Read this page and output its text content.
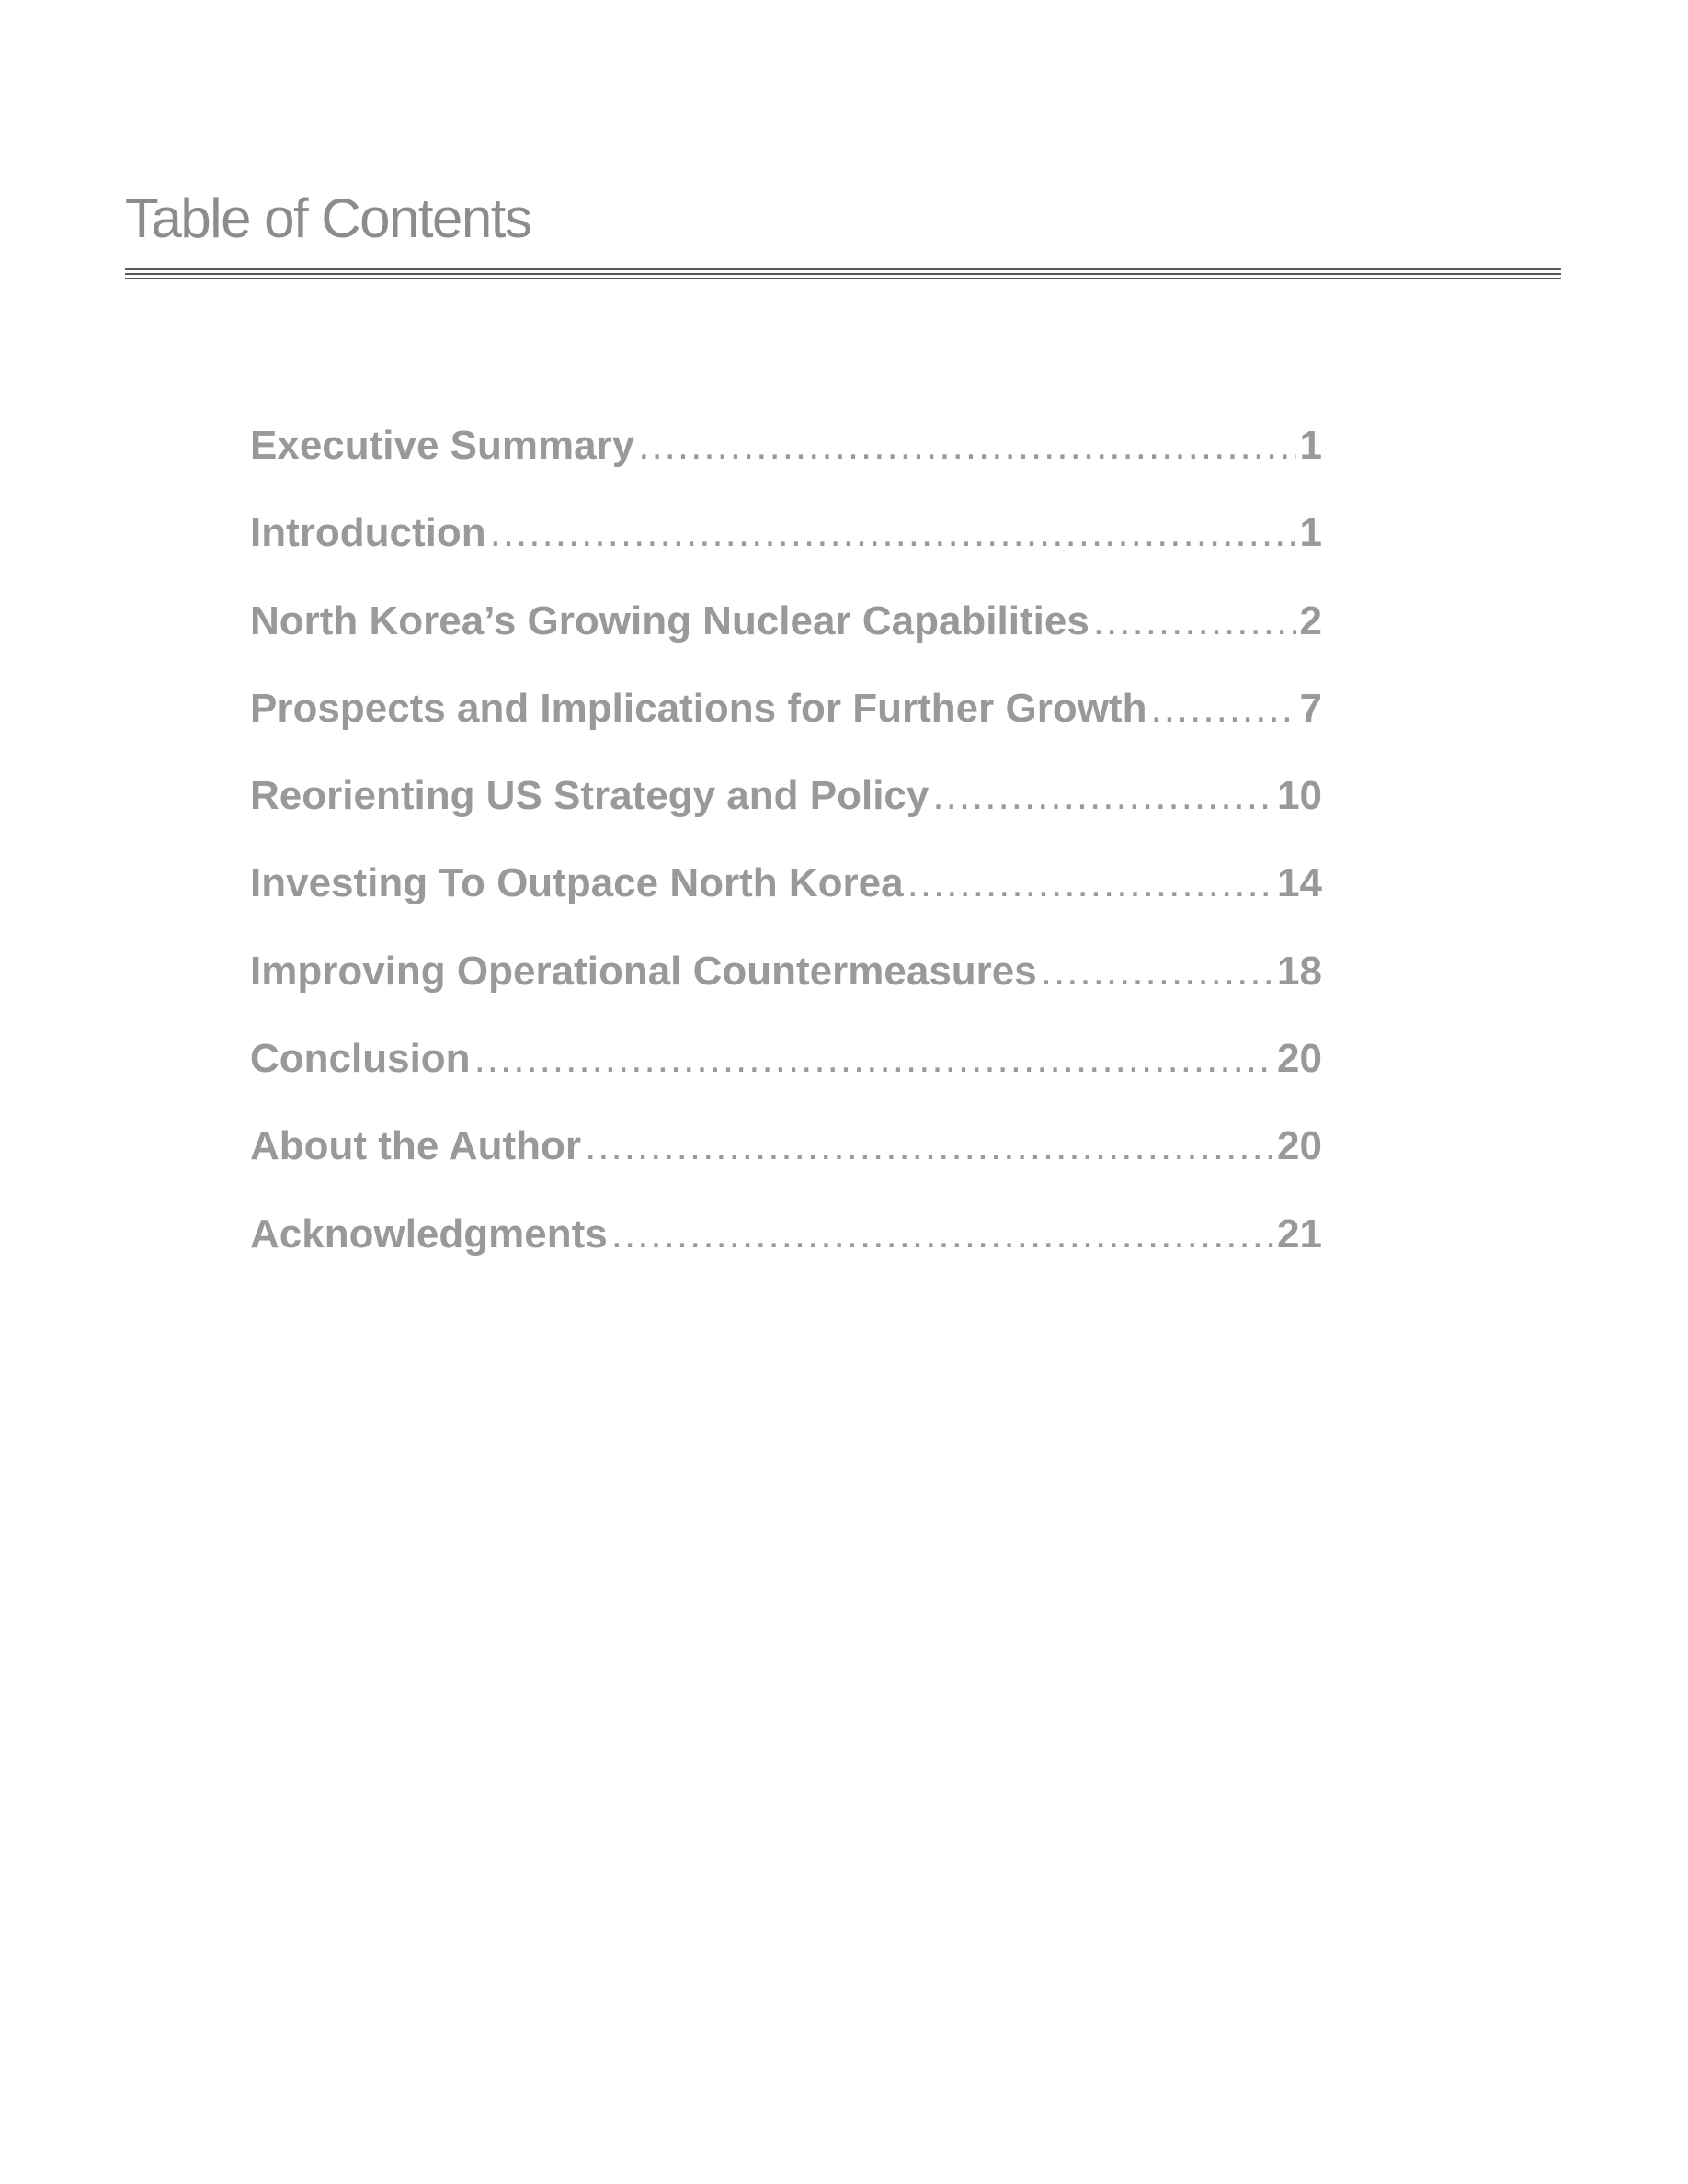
Table of Contents
Executive Summary .....	1
Introduction .....	1
North Korea’s Growing Nuclear Capabilities .....	2
Prospects and Implications for Further Growth .....	7
Reorienting US Strategy and Policy .....	10
Investing To Outpace North Korea .....	14
Improving Operational Countermeasures .....	18
Conclusion .....	20
About the Author .....	20
Acknowledgments .....	21
